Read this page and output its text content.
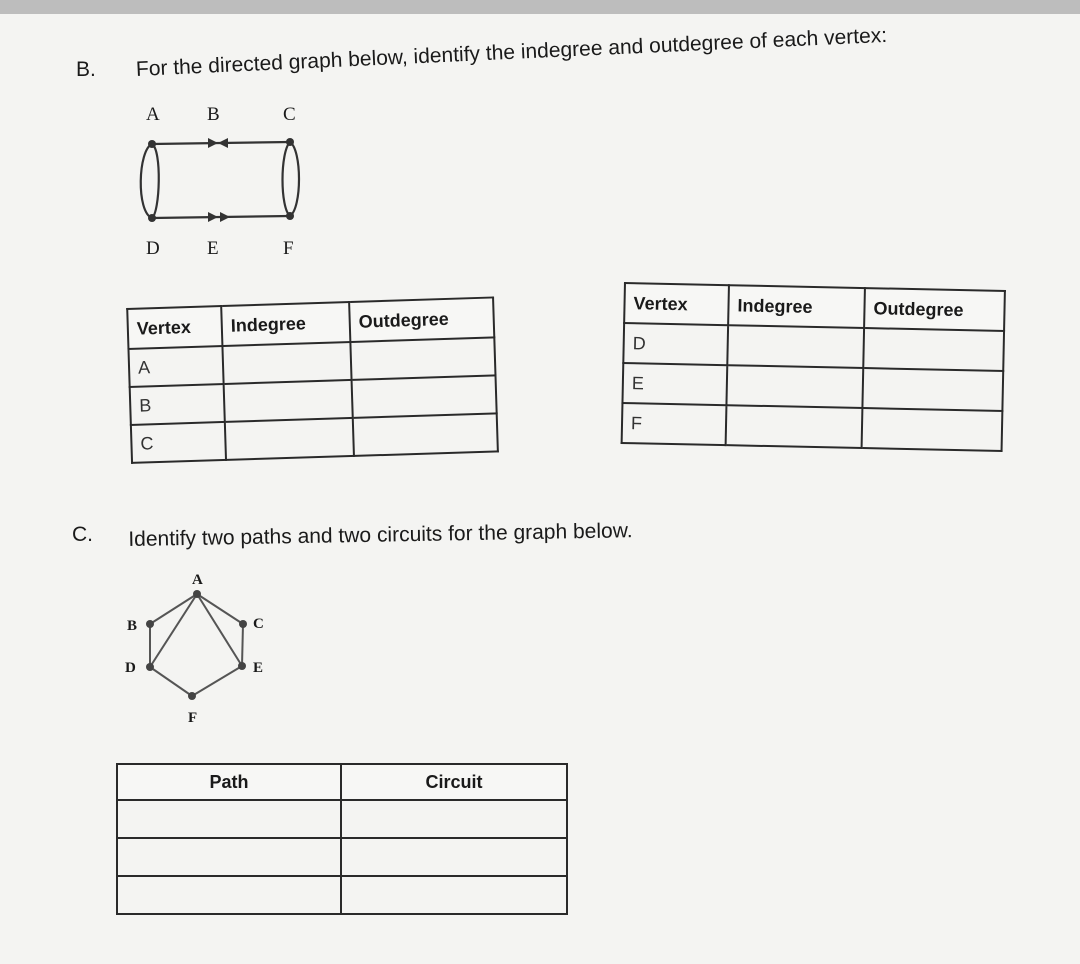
B. For the directed graph below, identify the indegree and outdegree of each vertex:
A B	C
D E	F
Vertex	Indegree	Outdegree
A		
B		
C		
Vertex	Indegree	Outdegree
D		
E		
F		
C. Identify two paths and two circuits for the graph below.
A
B	C
D	E
F
Path	Circuit
